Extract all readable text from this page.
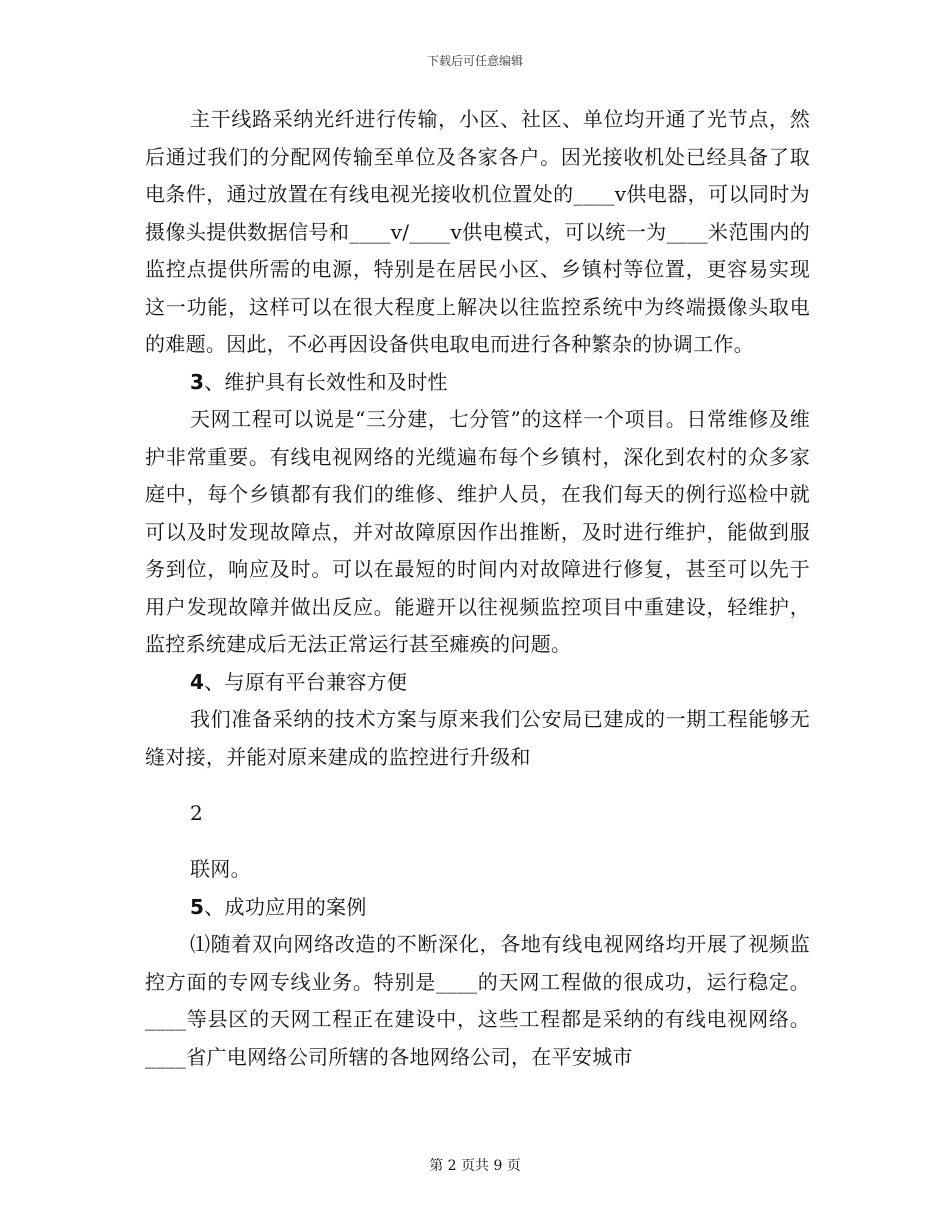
下载后可任意编辑

主干线路采纳光纤进行传输，小区、社区、单位均开通了光节点，然后通过我们的分配网传输至单位及各家各户。因光接收机处已经具备了取电条件，通过放置在有线电视光接收机位置处的____v供电器，可以同时为摄像头提供数据信号和____v/____v供电模式，可以统一为____米范围内的监控点提供所需的电源，特别是在居民小区、乡镇村等位置，更容易实现这一功能，这样可以在很大程度上解决以往监控系统中为终端摄像头取电的难题。因此，不必再因设备供电取电而进行各种繁杂的协调工作。

3、维护具有长效性和及时性

天网工程可以说是“三分建，七分管”的这样一个项目。日常维修及维护非常重要。有线电视网络的光缆遍布每个乡镇村，深化到农村的众多家庭中，每个乡镇都有我们的维修、维护人员，在我们每天的例行巡检中就可以及时发现故障点，并对故障原因作出推断，及时进行维护，能做到服务到位，响应及时。可以在最短的时间内对故障进行修复，甚至可以先于用户发现故障并做出反应。能避开以往视频监控项目中重建设，轻维护，监控系统建成后无法正常运行甚至瘫痪的问题。

4、与原有平台兼容方便

我们准备采纳的技术方案与原来我们公安局已建成的一期工程能够无缝对接，并能对原来建成的监控进行升级和

2

联网。

5、成功应用的案例

⑴随着双向网络改造的不断深化，各地有线电视网络均开展了视频监控方面的专网专线业务。特别是____的天网工程做的很成功，运行稳定。____等县区的天网工程正在建设中，这些工程都是采纳的有线电视网络。____省广电网络公司所辖的各地网络公司，在平安城市

第 2 页共 9 页
